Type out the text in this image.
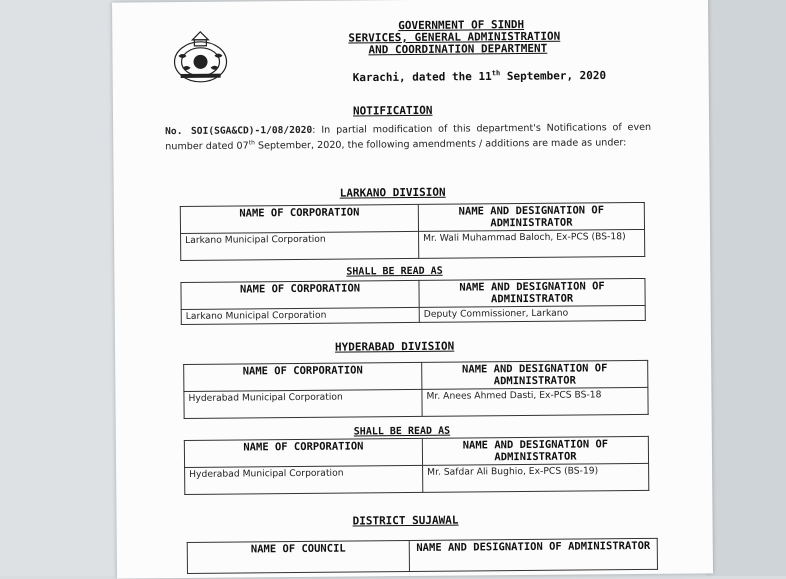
GOVERNMENT OF SINDH
SERVICES, GENERAL ADMINISTRATION
AND COORDINATION DEPARTMENT
Karachi, dated the 11th September, 2020
NOTIFICATION
No. SOI(SGA&CD)-1/08/2020: In partial modification of this department's Notifications of even number dated 07th September, 2020, the following amendments / additions are made as under:
LARKANO DIVISION
NAME OF CORPORATION	NAME AND DESIGNATION OF ADMINISTRATOR
Larkano Municipal Corporation	Mr. Wali Muhammad Baloch, Ex-PCS (BS-18)
SHALL BE READ AS
NAME OF CORPORATION	NAME AND DESIGNATION OF ADMINISTRATOR
Larkano Municipal Corporation	Deputy Commissioner, Larkano
HYDERABAD DIVISION
NAME OF CORPORATION	NAME AND DESIGNATION OF ADMINISTRATOR
Hyderabad Municipal Corporation	Mr. Anees Ahmed Dasti, Ex-PCS BS-18
SHALL BE READ AS
NAME OF CORPORATION	NAME AND DESIGNATION OF ADMINISTRATOR
Hyderabad Municipal Corporation	Mr. Safdar Ali Bughio, Ex-PCS (BS-19)
DISTRICT SUJAWAL
NAME OF COUNCIL	NAME AND DESIGNATION OF ADMINISTRATOR
